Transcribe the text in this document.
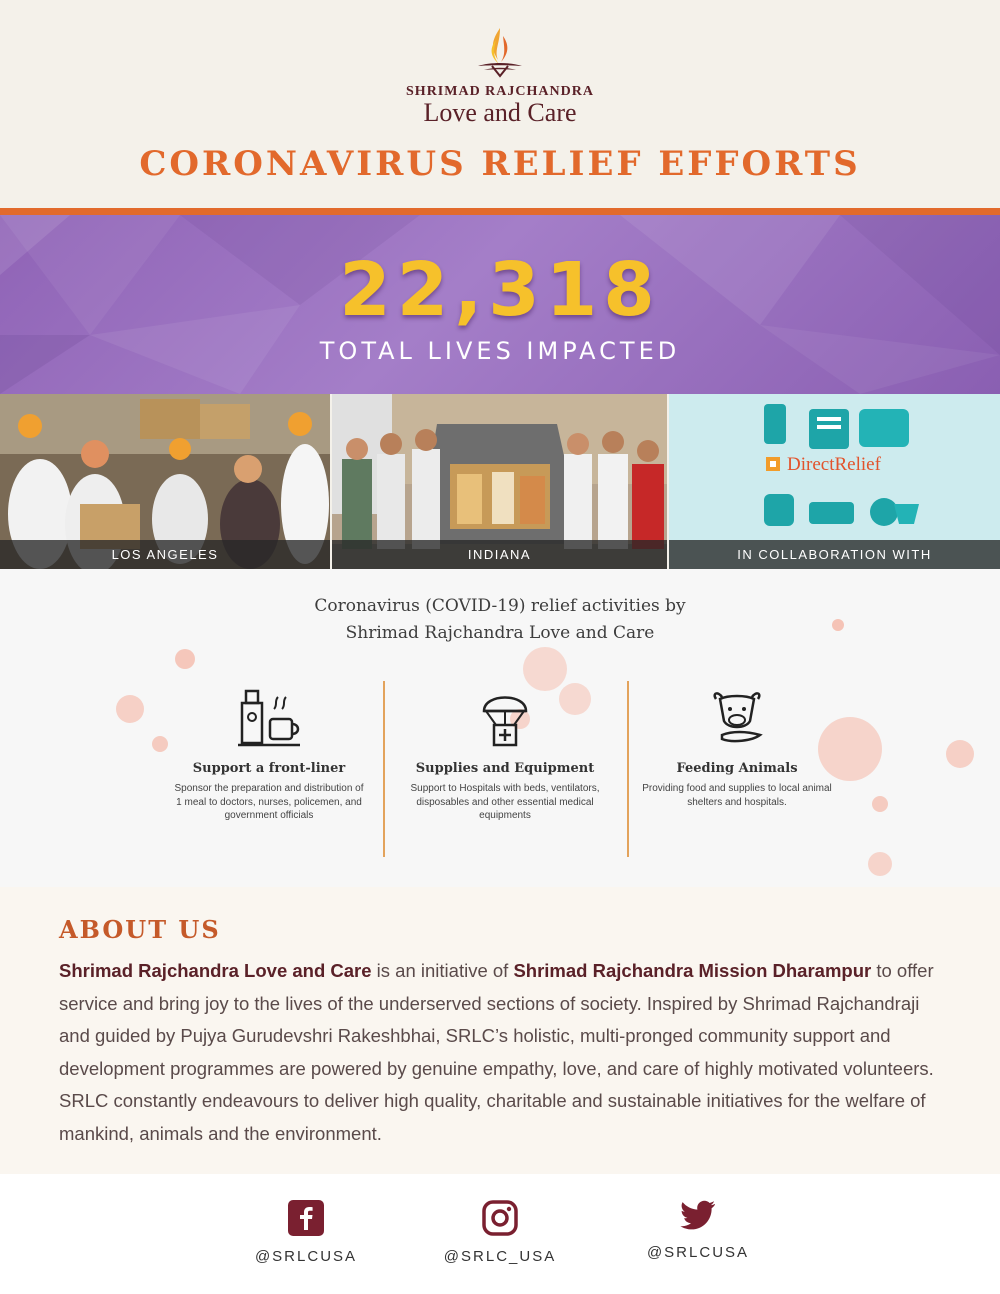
SHRIMAD RAJCHANDRA
Love and Care
CORONAVIRUS RELIEF EFFORTS
22,318
TOTAL LIVES IMPACTED
LOS ANGELES	INDIANA
DirectRelief
IN COLLABORATION WITH
Coronavirus (COVID-19) relief activities by
Shrimad Rajchandra Love and Care
Support a front-liner
Sponsor the preparation and distribution of 1 meal to doctors, nurses, policemen, and government officials
Supplies and Equipment
Support to Hospitals with beds, ventilators, disposables and other essential medical equipments
Feeding Animals
Providing food and supplies to local animal shelters and hospitals.
ABOUT US

Shrimad Rajchandra Love and Care is an initiative of Shrimad Rajchandra Mission Dharampur to offer service and bring joy to the lives of the underserved sections of society. Inspired by Shrimad Rajchandraji and guided by Pujya Gurudevshri Rakeshbhai, SRLC’s holistic, multi-pronged community support and development programmes are powered by genuine empathy, love, and care of highly motivated volunteers. SRLC constantly endeavours to deliver high quality, charitable and sustainable initiatives for the welfare of mankind, animals and the environment.

@SRLCUSA	@SRLC_USA	@SRLCUSA
